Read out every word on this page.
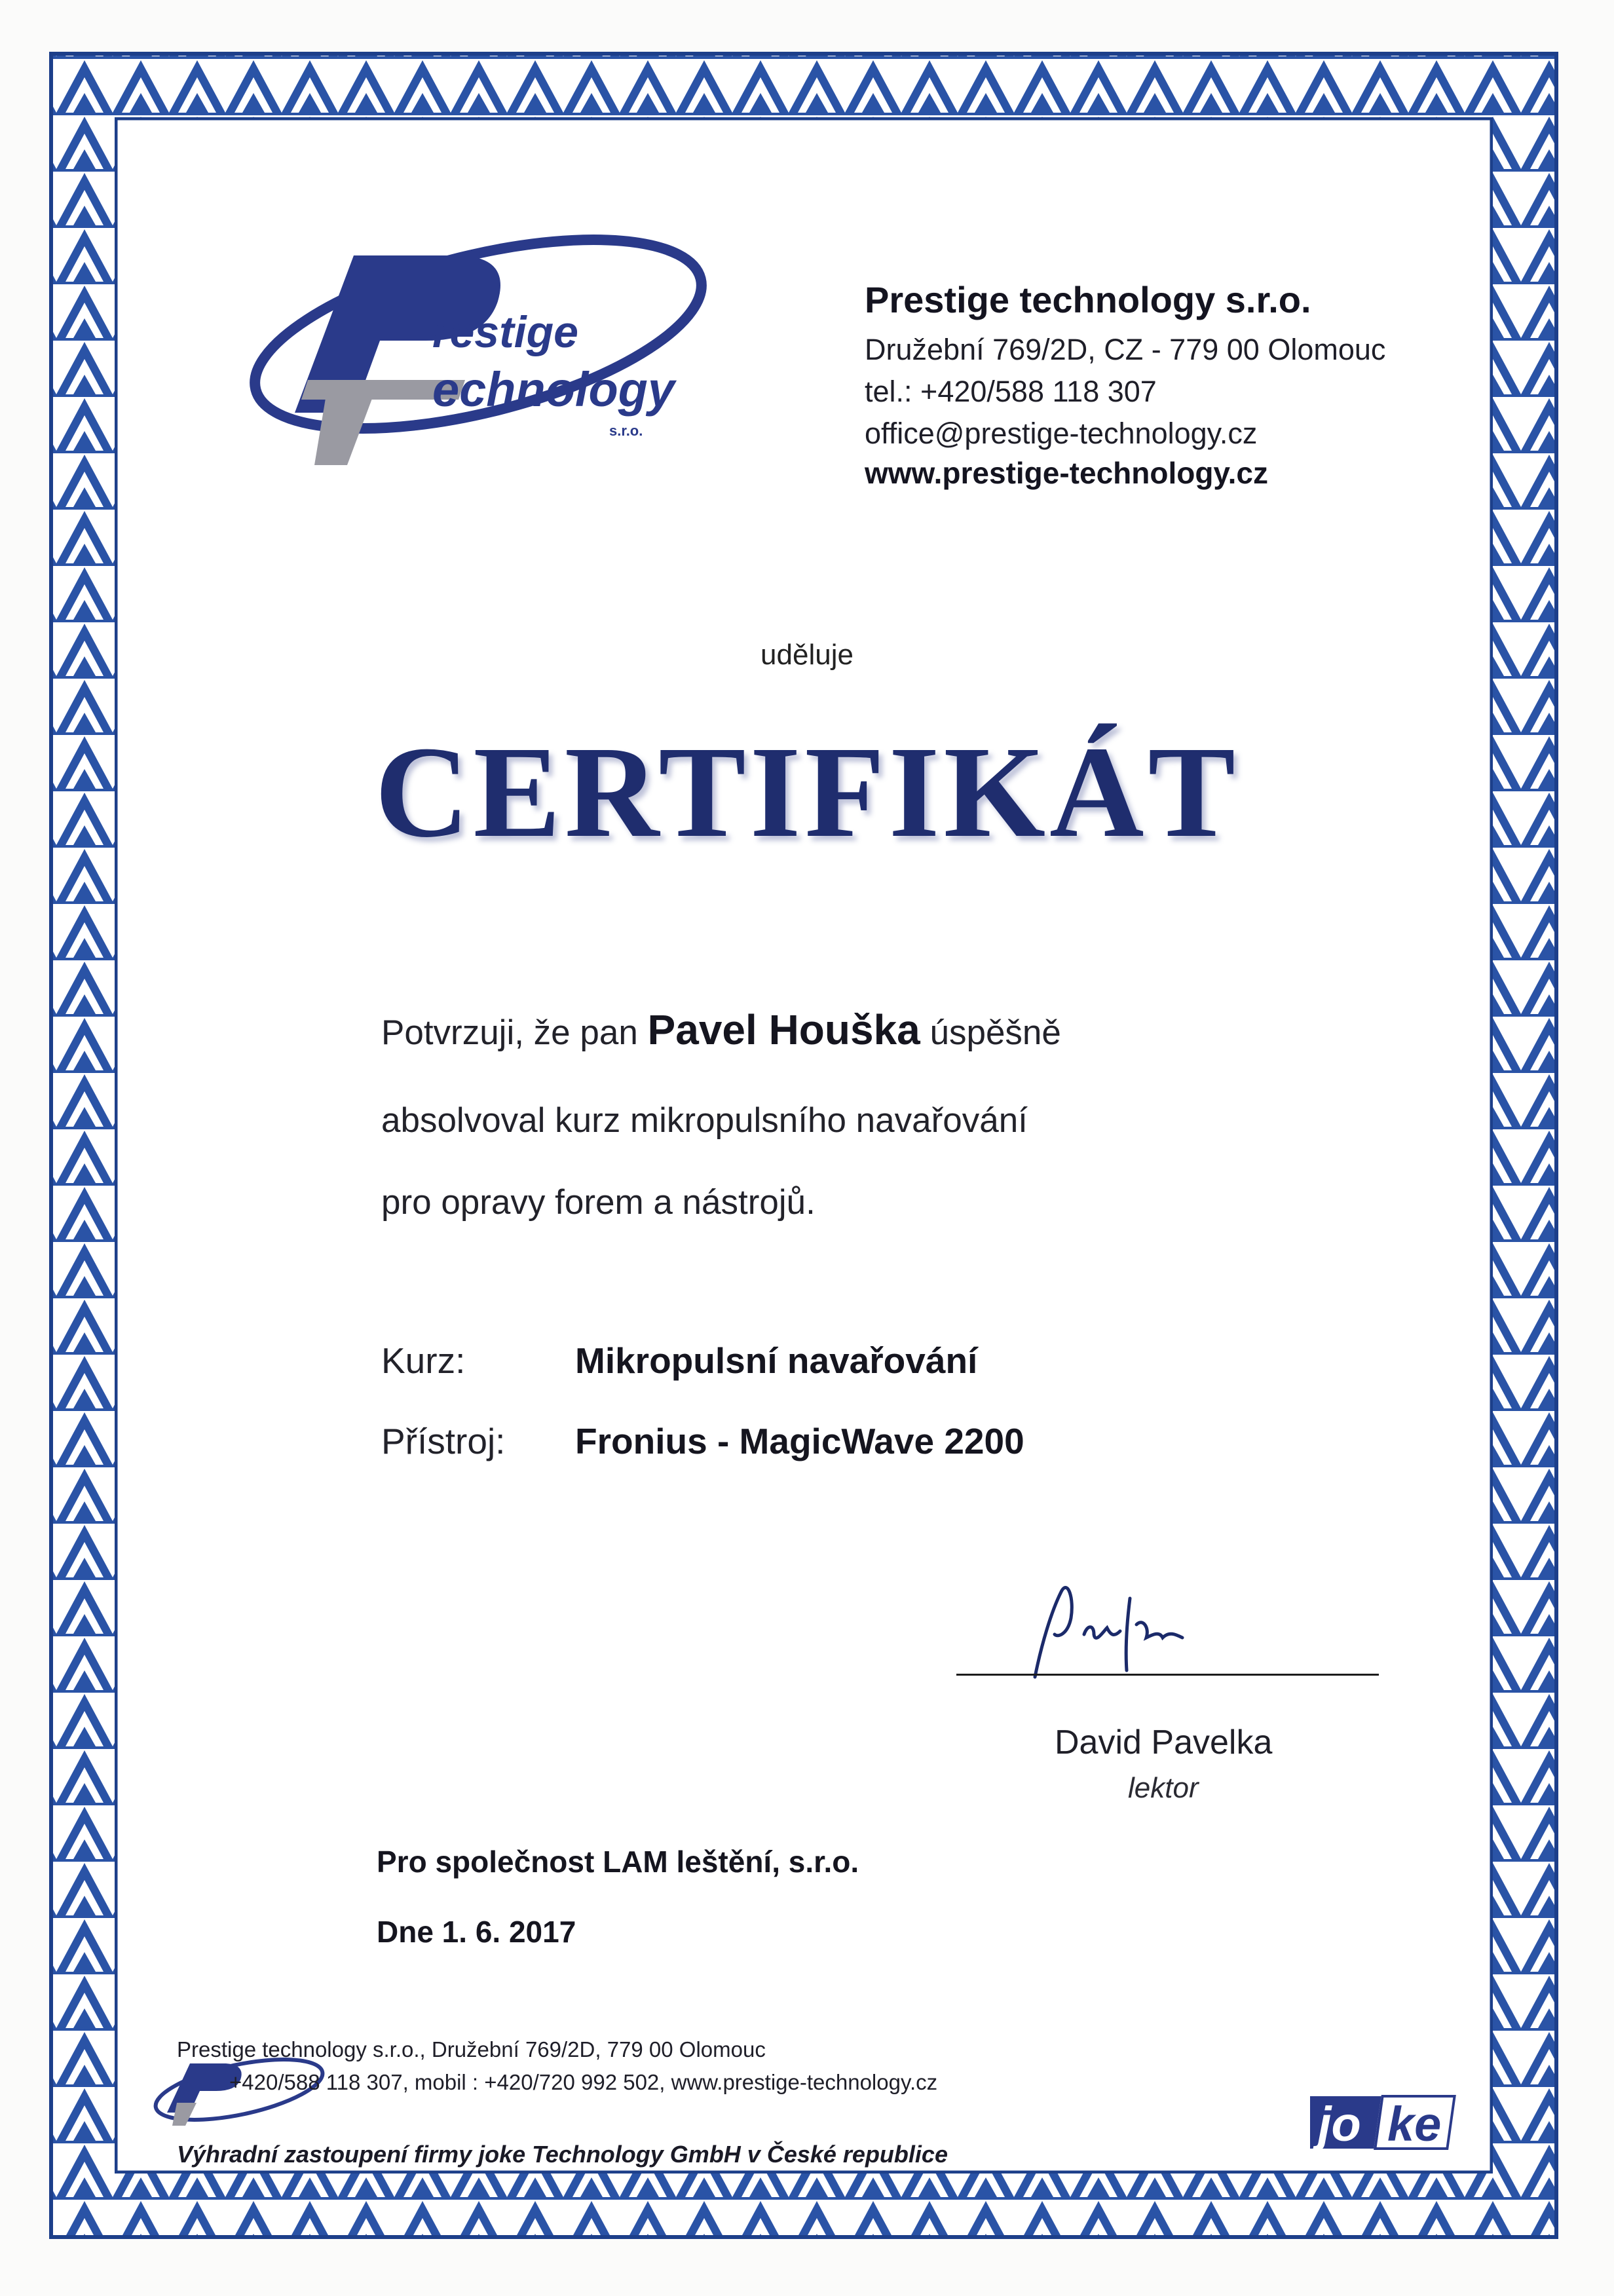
restige
echnology
s.r.o.
Prestige technology s.r.o.
Družební 769/2D, CZ - 779 00 Olomouc
tel.: +420/588 118 307
office@prestige-technology.cz
www.prestige-technology.cz
uděluje
CERTIFIKÁT
Potvrzuji, že pan Pavel Houška úspěšně
absolvoval kurz mikropulsního navařování
pro opravy forem a nástrojů.
Kurz:	Mikropulsní navařování
Přístroj: Fronius - MagicWave 2200
David Pavelka
lektor
Pro společnost LAM leštění, s.r.o.
Dne 1. 6. 2017
Prestige technology s.r.o., Družební 769/2D, 779 00 Olomouc
+420/588 118 307, mobil : +420/720 992 502, www.prestige-technology.cz
Výhradní zastoupení firmy joke Technology GmbH v České republice
jo ke
